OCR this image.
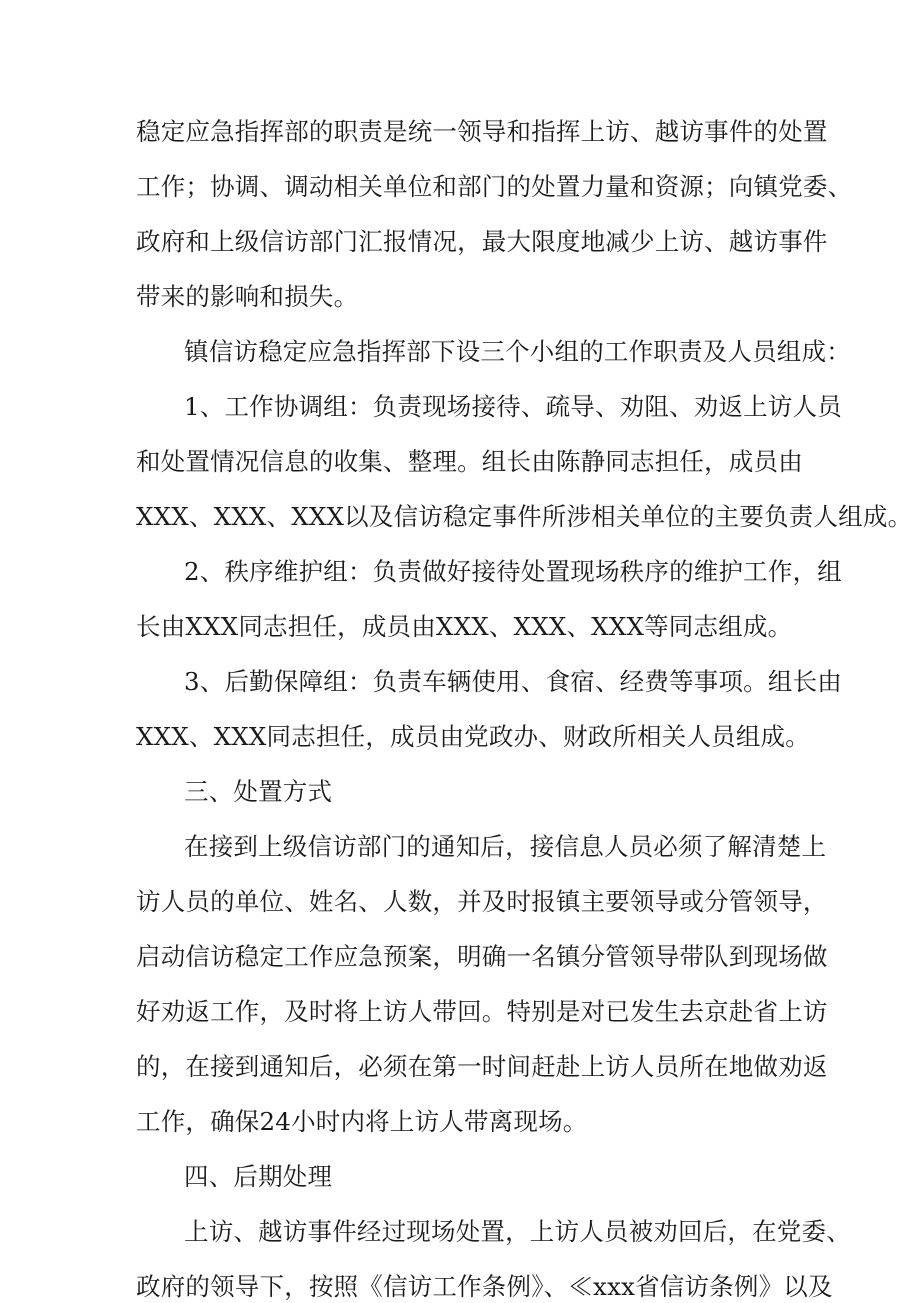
稳定应急指挥部的职责是统一领导和指挥上访、越访事件的处置
工作；协调、调动相关单位和部门的处置力量和资源；向镇党委、
政府和上级信访部门汇报情况，最大限度地减少上访、越访事件
带来的影响和损失。
镇信访稳定应急指挥部下设三个小组的工作职责及人员组成：
1、工作协调组：负责现场接待、疏导、劝阻、劝返上访人员
和处置情况信息的收集、整理。组长由陈静同志担任，成员由
XXX、XXX、XXX以及信访稳定事件所涉相关单位的主要负责人组成。
2、秩序维护组：负责做好接待处置现场秩序的维护工作，组
长由XXX同志担任，成员由XXX、XXX、XXX等同志组成。
3、后勤保障组：负责车辆使用、食宿、经费等事项。组长由
XXX、XXX同志担任，成员由党政办、财政所相关人员组成。
三、处置方式
在接到上级信访部门的通知后，接信息人员必须了解清楚上
访人员的单位、姓名、人数，并及时报镇主要领导或分管领导，
启动信访稳定工作应急预案，明确一名镇分管领导带队到现场做
好劝返工作，及时将上访人带回。特别是对已发生去京赴省上访
的，在接到通知后，必须在第一时间赶赴上访人员所在地做劝返
工作，确保24小时内将上访人带离现场。
四、后期处理
上访、越访事件经过现场处置，上访人员被劝回后，在党委、
政府的领导下，按照《信访工作条例》、≪xxx省信访条例》以及
